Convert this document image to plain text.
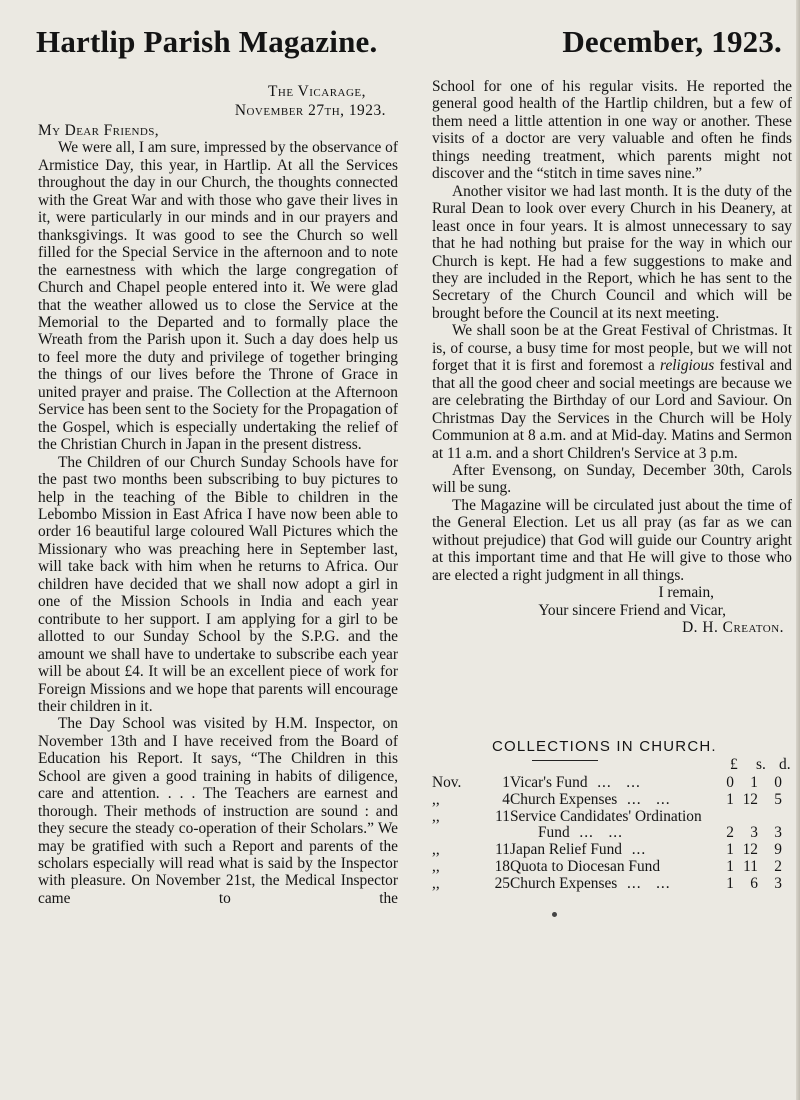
Hartlip Parish Magazine.	December, 1923.
The Vicarage,
November 27th, 1923.
My Dear Friends,

We were all, I am sure, impressed by the observance of Armistice Day, this year, in Hartlip. At all the Services throughout the day in our Church, the thoughts connected with the Great War and with those who gave their lives in it, were particularly in our minds and in our prayers and thanksgivings. It was good to see the Church so well filled for the Special Service in the afternoon and to note the earnestness with which the large congregation of Church and Chapel people entered into it. We were glad that the weather allowed us to close the Service at the Memorial to the Departed and to formally place the Wreath from the Parish upon it. Such a day does help us to feel more the duty and privilege of together bringing the things of our lives before the Throne of Grace in united prayer and praise. The Collection at the Afternoon Service has been sent to the Society for the Propagation of the Gospel, which is especially undertaking the relief of the Christian Church in Japan in the present distress.

The Children of our Church Sunday Schools have for the past two months been subscribing to buy pictures to help in the teaching of the Bible to children in the Lebombo Mission in East Africa I have now been able to order 16 beautiful large coloured Wall Pictures which the Missionary who was preaching here in September last, will take back with him when he returns to Africa. Our children have decided that we shall now adopt a girl in one of the Mission Schools in India and each year contribute to her support. I am applying for a girl to be allotted to our Sunday School by the S.P.G. and the amount we shall have to undertake to subscribe each year will be about £4. It will be an excellent piece of work for Foreign Missions and we hope that parents will encourage their children in it.

The Day School was visited by H.M. Inspector, on November 13th and I have received from the Board of Education his Report. It says, “The Children in this School are given a good training in habits of diligence, care and attention. . . . The Teachers are earnest and thorough. Their methods of instruction are sound : and they secure the steady co-operation of their Scholars.” We may be gratified with such a Report and parents of the scholars especially will read what is said by the Inspector with pleasure. On November 21st, the Medical Inspector came to the

School for one of his regular visits. He reported the general good health of the Hartlip children, but a few of them need a little attention in one way or another. These visits of a doctor are very valuable and often he finds things needing treatment, which parents might not discover and the “stitch in time saves nine.”

Another visitor we had last month. It is the duty of the Rural Dean to look over every Church in his Deanery, at least once in four years. It is almost unnecessary to say that he had nothing but praise for the way in which our Church is kept. He had a few suggestions to make and they are included in the Report, which he has sent to the Secretary of the Church Council and which will be brought before the Council at its next meeting.

We shall soon be at the Great Festival of Christmas. It is, of course, a busy time for most people, but we will not forget that it is first and foremost a religious festival and that all the good cheer and social meetings are because we are celebrating the Birthday of our Lord and Saviour. On Christmas Day the Services in the Church will be Holy Communion at 8 a.m. and at Mid-day. Matins and Sermon at 11 a.m. and a short Children's Service at 3 p.m.

After Evensong, on Sunday, December 30th, Carols will be sung.

The Magazine will be circulated just about the time of the General Election. Let us all pray (as far as we can without prejudice) that God will guide our Country aright at this important time and that He will give to those who are elected a right judgment in all things.

I remain,
Your sincere Friend and Vicar,
D. H. Creaton.
COLLECTIONS IN CHURCH.
£ s. d.
Nov.	1	Vicar's Fund  ...   ...	0	1	0
,,	4	Church Expenses  ...   ...	1	12	5
,,	11	Service Candidates' Ordination			
		Fund  ...   ...	2	3	3
,,	11	Japan Relief Fund  ...	1	12	9
,,	18	Quota to Diocesan Fund	1	11	2
,,	25	Church Expenses  ...   ...	1	6	3
